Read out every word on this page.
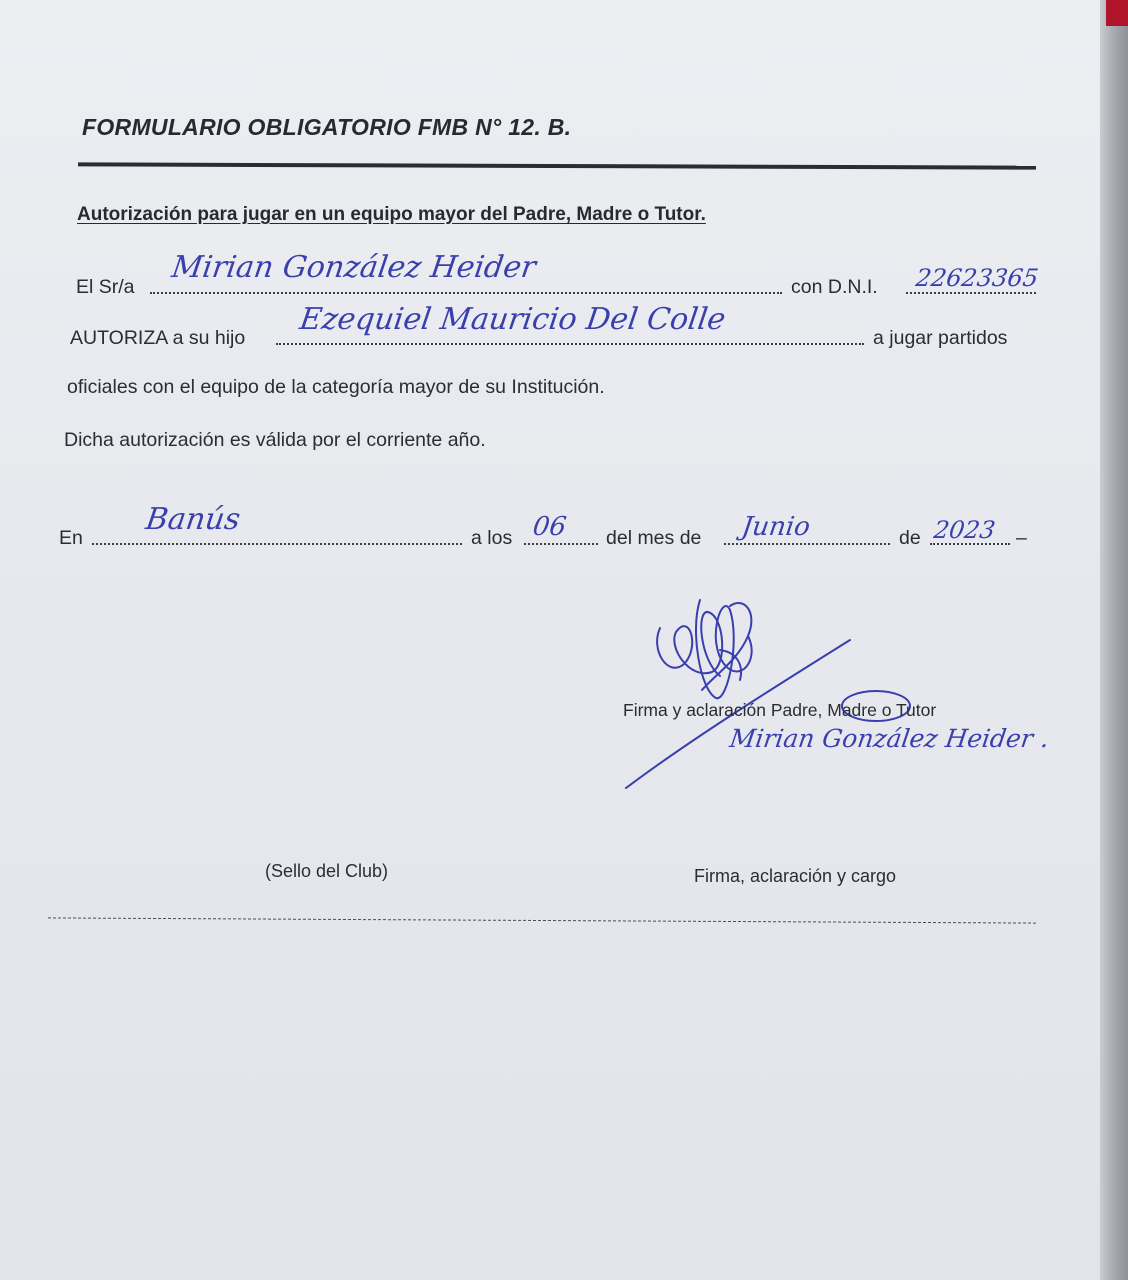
FORMULARIO OBLIGATORIO FMB N° 12. B.
Autorización para jugar en un equipo mayor del Padre, Madre o Tutor.
El Sr/a
Mirian González Heider
con D.N.I. 22623365
AUTORIZA a su hijo
Ezequiel Mauricio Del Colle
a jugar partidos
oficiales con el equipo de la categoría mayor de su Institución.
Dicha autorización es válida por el corriente año.
En
Banús
a los 06 del mes de Junio	de 2023 –
Firma y aclaración Padre, Madre o Tutor
Mirian González Heider .
(Sello del Club)	Firma, aclaración y cargo
